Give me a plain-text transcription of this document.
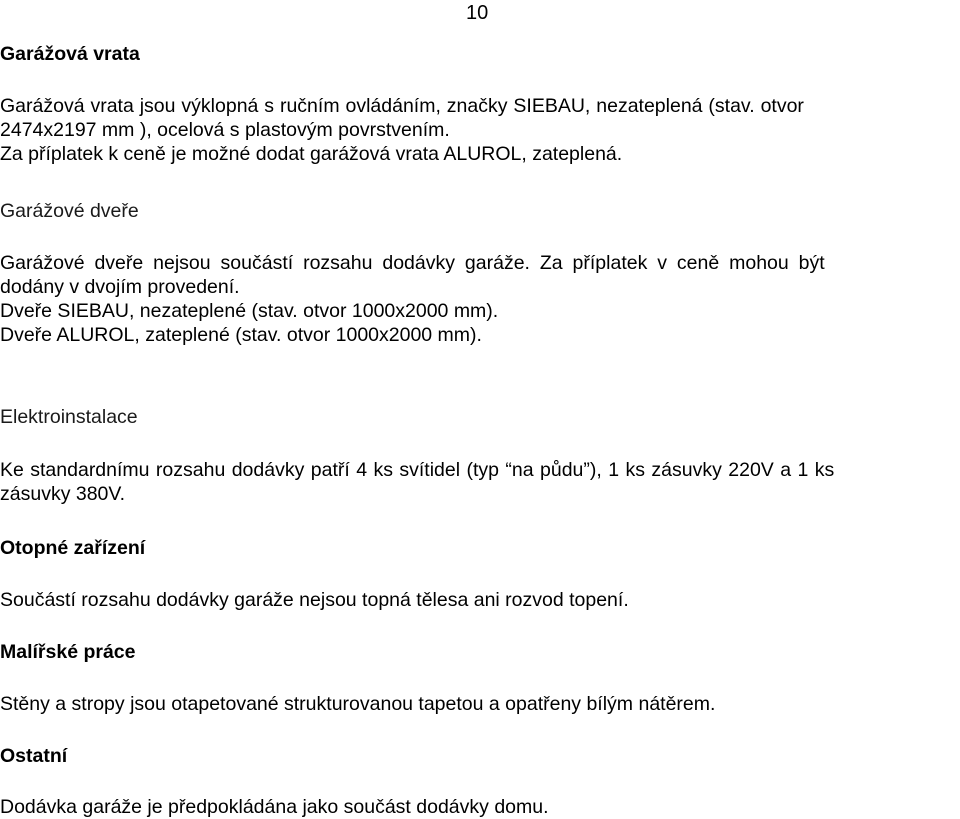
10
Garážová vrata
Garážová vrata jsou výklopná s ručním ovládáním, značky SIEBAU, nezateplená (stav. otvor
2474x2197 mm ), ocelová s plastovým povrstvením.
Za příplatek k ceně je možné dodat garážová vrata ALUROL, zateplená.
Garážové dveře
Garážové dveře nejsou součástí rozsahu dodávky garáže. Za příplatek v ceně mohou být
dodány v dvojím provedení.
Dveře SIEBAU, nezateplené (stav. otvor 1000x2000 mm).
Dveře ALUROL, zateplené (stav. otvor 1000x2000 mm).
Elektroinstalace
Ke standardnímu rozsahu dodávky patří 4 ks svítidel (typ “na půdu”), 1 ks zásuvky 220V a 1 ks
zásuvky 380V.
Otopné zařízení
Součástí rozsahu dodávky garáže nejsou topná tělesa ani rozvod topení.
Malířské práce
Stěny a stropy jsou otapetované strukturovanou tapetou a opatřeny bílým nátěrem.
Ostatní
Dodávka garáže je předpokládána jako součást dodávky domu.
